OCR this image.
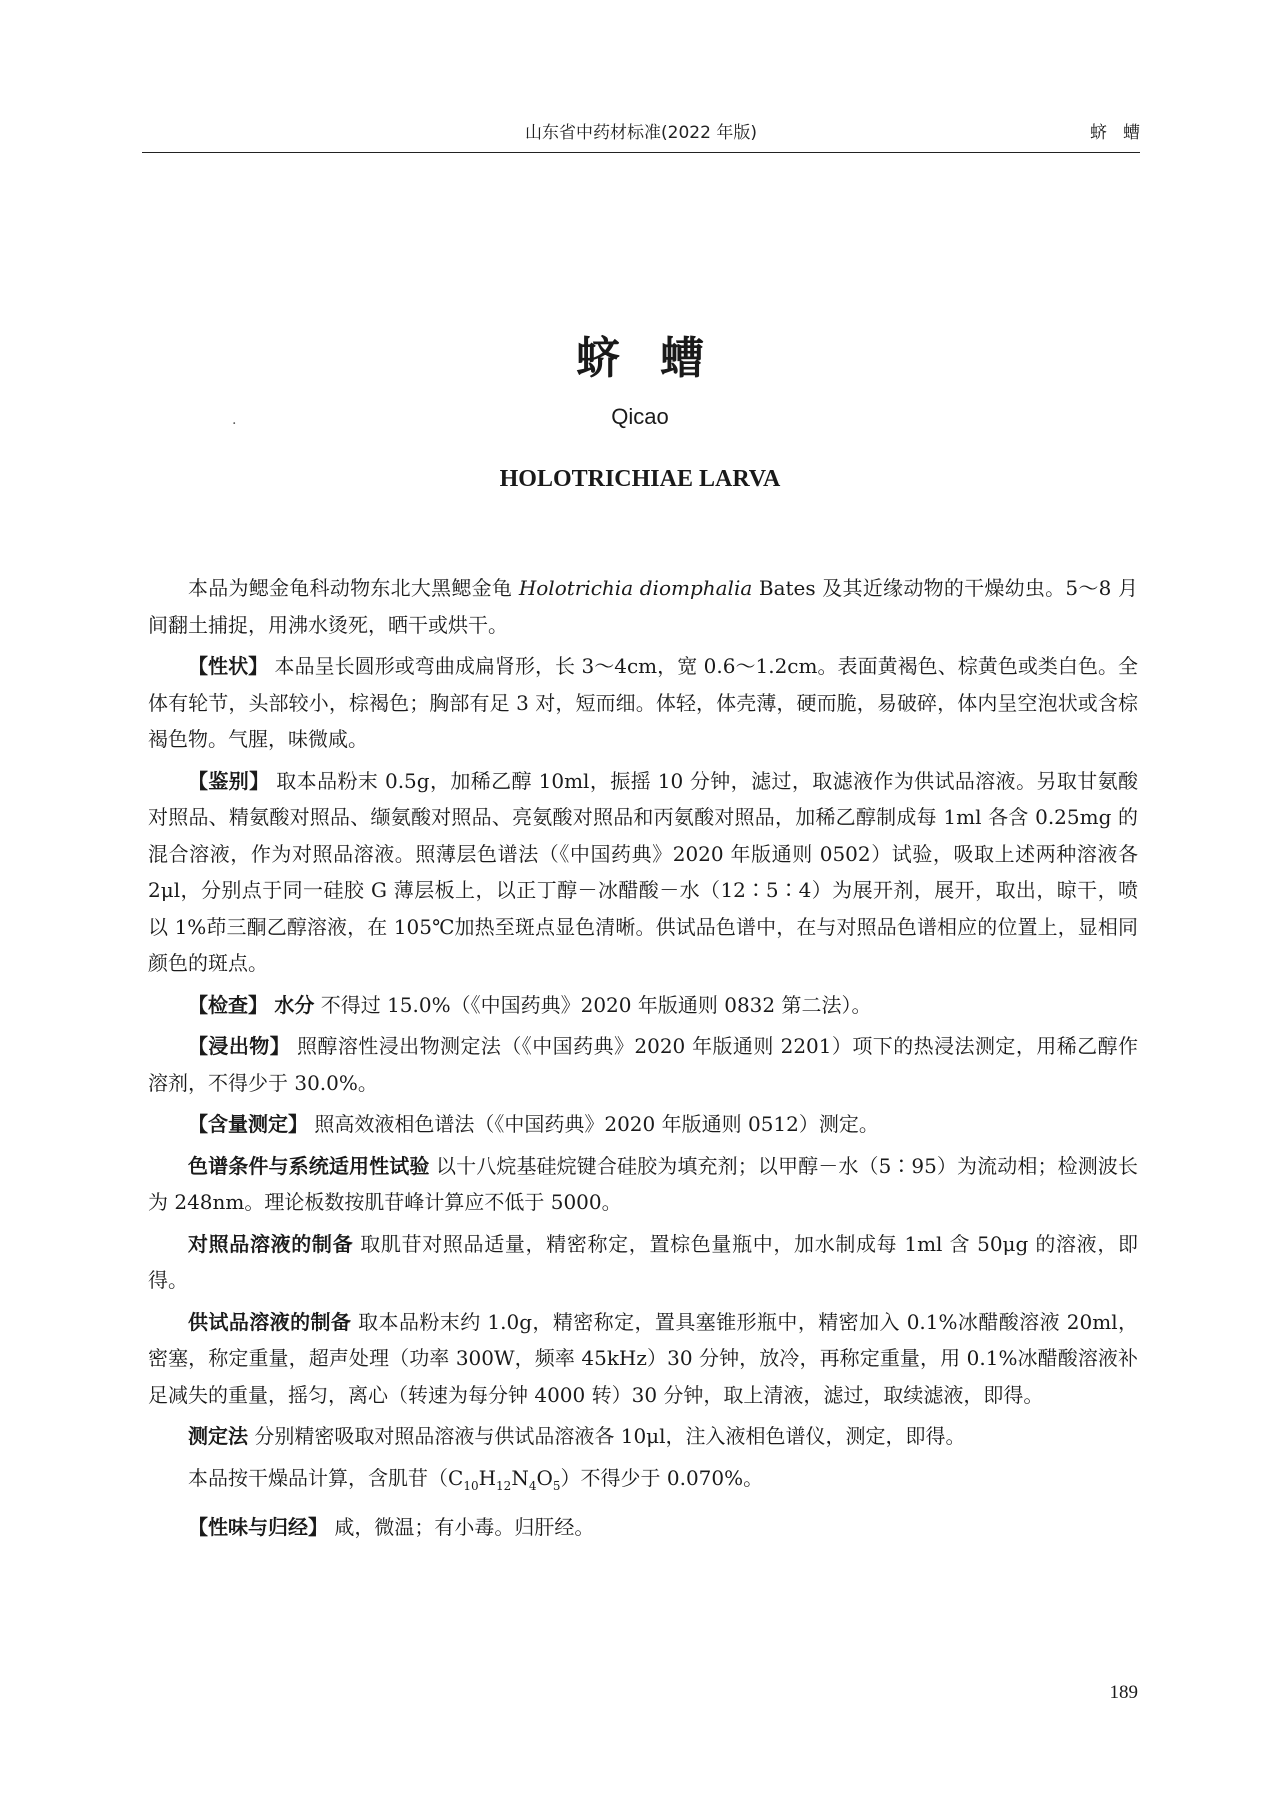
山东省中药材标准(2022 年版)	蛴螬
蛴螬
.	Qicao
HOLOTRICHIAE LARVA

本品为鳃金龟科动物东北大黑鳃金龟 Holotrichia diomphalia Bates 及其近缘动物的干燥幼虫。5～8 月间翻土捕捉，用沸水烫死，晒干或烘干。

【性状】 本品呈长圆形或弯曲成扁肾形，长 3～4cm，宽 0.6～1.2cm。表面黄褐色、棕黄色或类白色。全体有轮节，头部较小，棕褐色；胸部有足 3 对，短而细。体轻，体壳薄，硬而脆，易破碎，体内呈空泡状或含棕褐色物。气腥，味微咸。

【鉴别】 取本品粉末 0.5g，加稀乙醇 10ml，振摇 10 分钟，滤过，取滤液作为供试品溶液。另取甘氨酸对照品、精氨酸对照品、缬氨酸对照品、亮氨酸对照品和丙氨酸对照品，加稀乙醇制成每 1ml 各含 0.25mg 的混合溶液，作为对照品溶液。照薄层色谱法（《中国药典》2020 年版通则 0502）试验，吸取上述两种溶液各 2μl，分别点于同一硅胶 G 薄层板上，以正丁醇－冰醋酸－水（12∶5∶4）为展开剂，展开，取出，晾干，喷以 1%茚三酮乙醇溶液，在 105℃加热至斑点显色清晰。供试品色谱中，在与对照品色谱相应的位置上，显相同颜色的斑点。

【检查】 水分 不得过 15.0%（《中国药典》2020 年版通则 0832 第二法）。

【浸出物】 照醇溶性浸出物测定法（《中国药典》2020 年版通则 2201）项下的热浸法测定，用稀乙醇作溶剂，不得少于 30.0%。

【含量测定】 照高效液相色谱法（《中国药典》2020 年版通则 0512）测定。

色谱条件与系统适用性试验 以十八烷基硅烷键合硅胶为填充剂；以甲醇－水（5∶95）为流动相；检测波长为 248nm。理论板数按肌苷峰计算应不低于 5000。

对照品溶液的制备 取肌苷对照品适量，精密称定，置棕色量瓶中，加水制成每 1ml 含 50μg 的溶液，即得。

供试品溶液的制备 取本品粉末约 1.0g，精密称定，置具塞锥形瓶中，精密加入 0.1%冰醋酸溶液 20ml，密塞，称定重量，超声处理（功率 300W，频率 45kHz）30 分钟，放冷，再称定重量，用 0.1%冰醋酸溶液补足减失的重量，摇匀，离心（转速为每分钟 4000 转）30 分钟，取上清液，滤过，取续滤液，即得。

测定法 分别精密吸取对照品溶液与供试品溶液各 10μl，注入液相色谱仪，测定，即得。

本品按干燥品计算，含肌苷$(C_{10}H_{12}N_4O_5)$不得少于 0.070%。

【性味与归经】 咸，微温；有小毒。归肝经。

189
